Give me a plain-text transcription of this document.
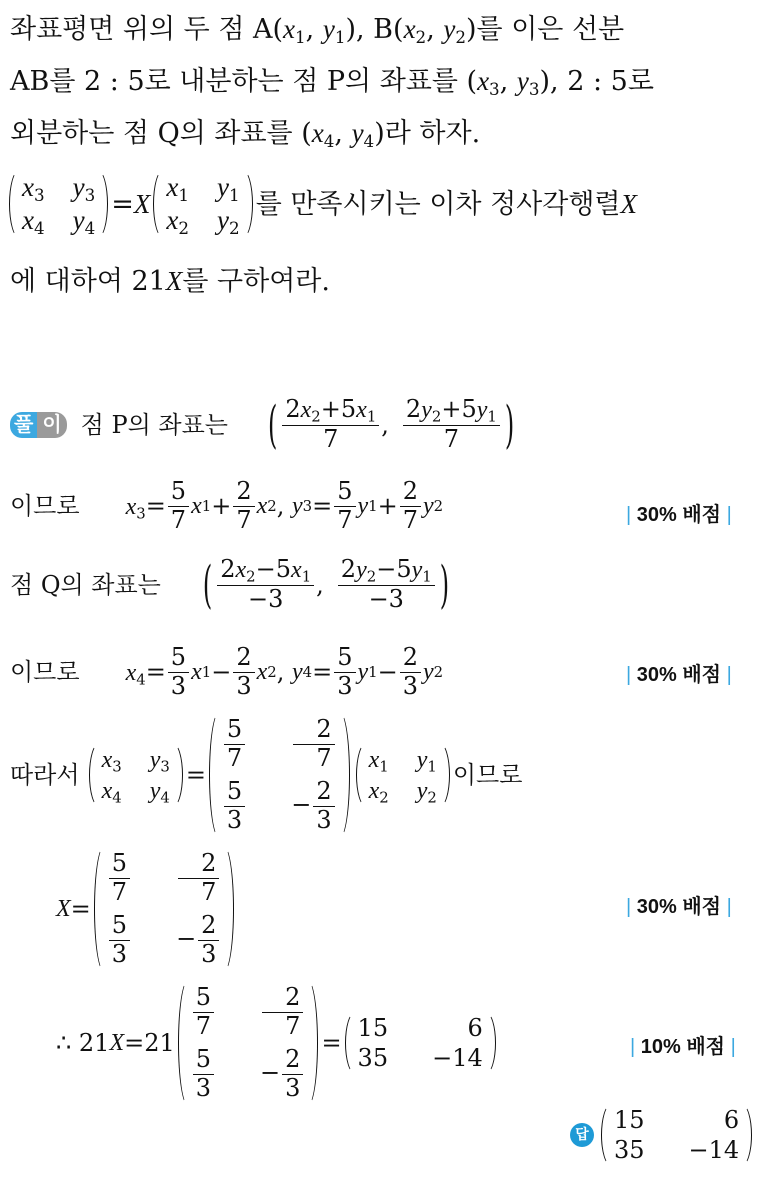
좌표평면 위의 두 점 $A(x_1$, $y_1$), $B(x_2$, $y_2$)를 이은 선분
AB를 2 : 5로 내분하는 점 P의 좌표를 ($x_3$, $y_3$), 2 : 5로
외분하는 점 Q의 좌표를 ($x_4$, $y_4$)라 하자.
$x_3$ $y_3$
$x_4$ $y_4$
= X
$x_1$ $y_1$
$x_2$ $y_2$
를 만족시키는 이차 정사각행렬 X
에 대하여 21X를 구하여라.
풀 이 점 P의 좌표는 ( $\frac{2x_2+5x_1}{7}$ , $\frac{2y_2+5y_1}{7}$ )
이므로 $x_3= \frac{5}{7}$ x $1 + \frac{2}{7}$ x 2 , y $3 = \frac{5}{7}$ y $1 + \frac{2}{7}$ y 2	| 30% 배점 |
점 Q의 좌표는 ( $\frac{2x_2-5x_1}{-3}$ , $\frac{2y_2-5y_1}{-3}$ )
이므로 $x_4= \frac{5}{3}$ x $1 - \frac{2}{3}$ x 2 , y $4 = \frac{5}{3}$ y $1 - \frac{2}{3}$ y 2	| 30% 배점 |
따라서
$x_3$ $y_3$
$x_4$ $y_4$
=
$\frac{5}{7} \frac{2}{7}$
$\frac{5}{3} - \frac{2}{3}$
$x_1$ $y_1$
$x_2$ $y_2$
이므로
X =
$\frac{5}{7} \frac{2}{7}$
$\frac{5}{3} - \frac{2}{3}$
| 30% 배점 |
∴ 21 X =21
$\frac{5}{7} \frac{2}{7}$
$\frac{5}{3} - \frac{2}{3}$
=
15	6
35 −14	| 10% 배점 |
답
15	6
35 −14
